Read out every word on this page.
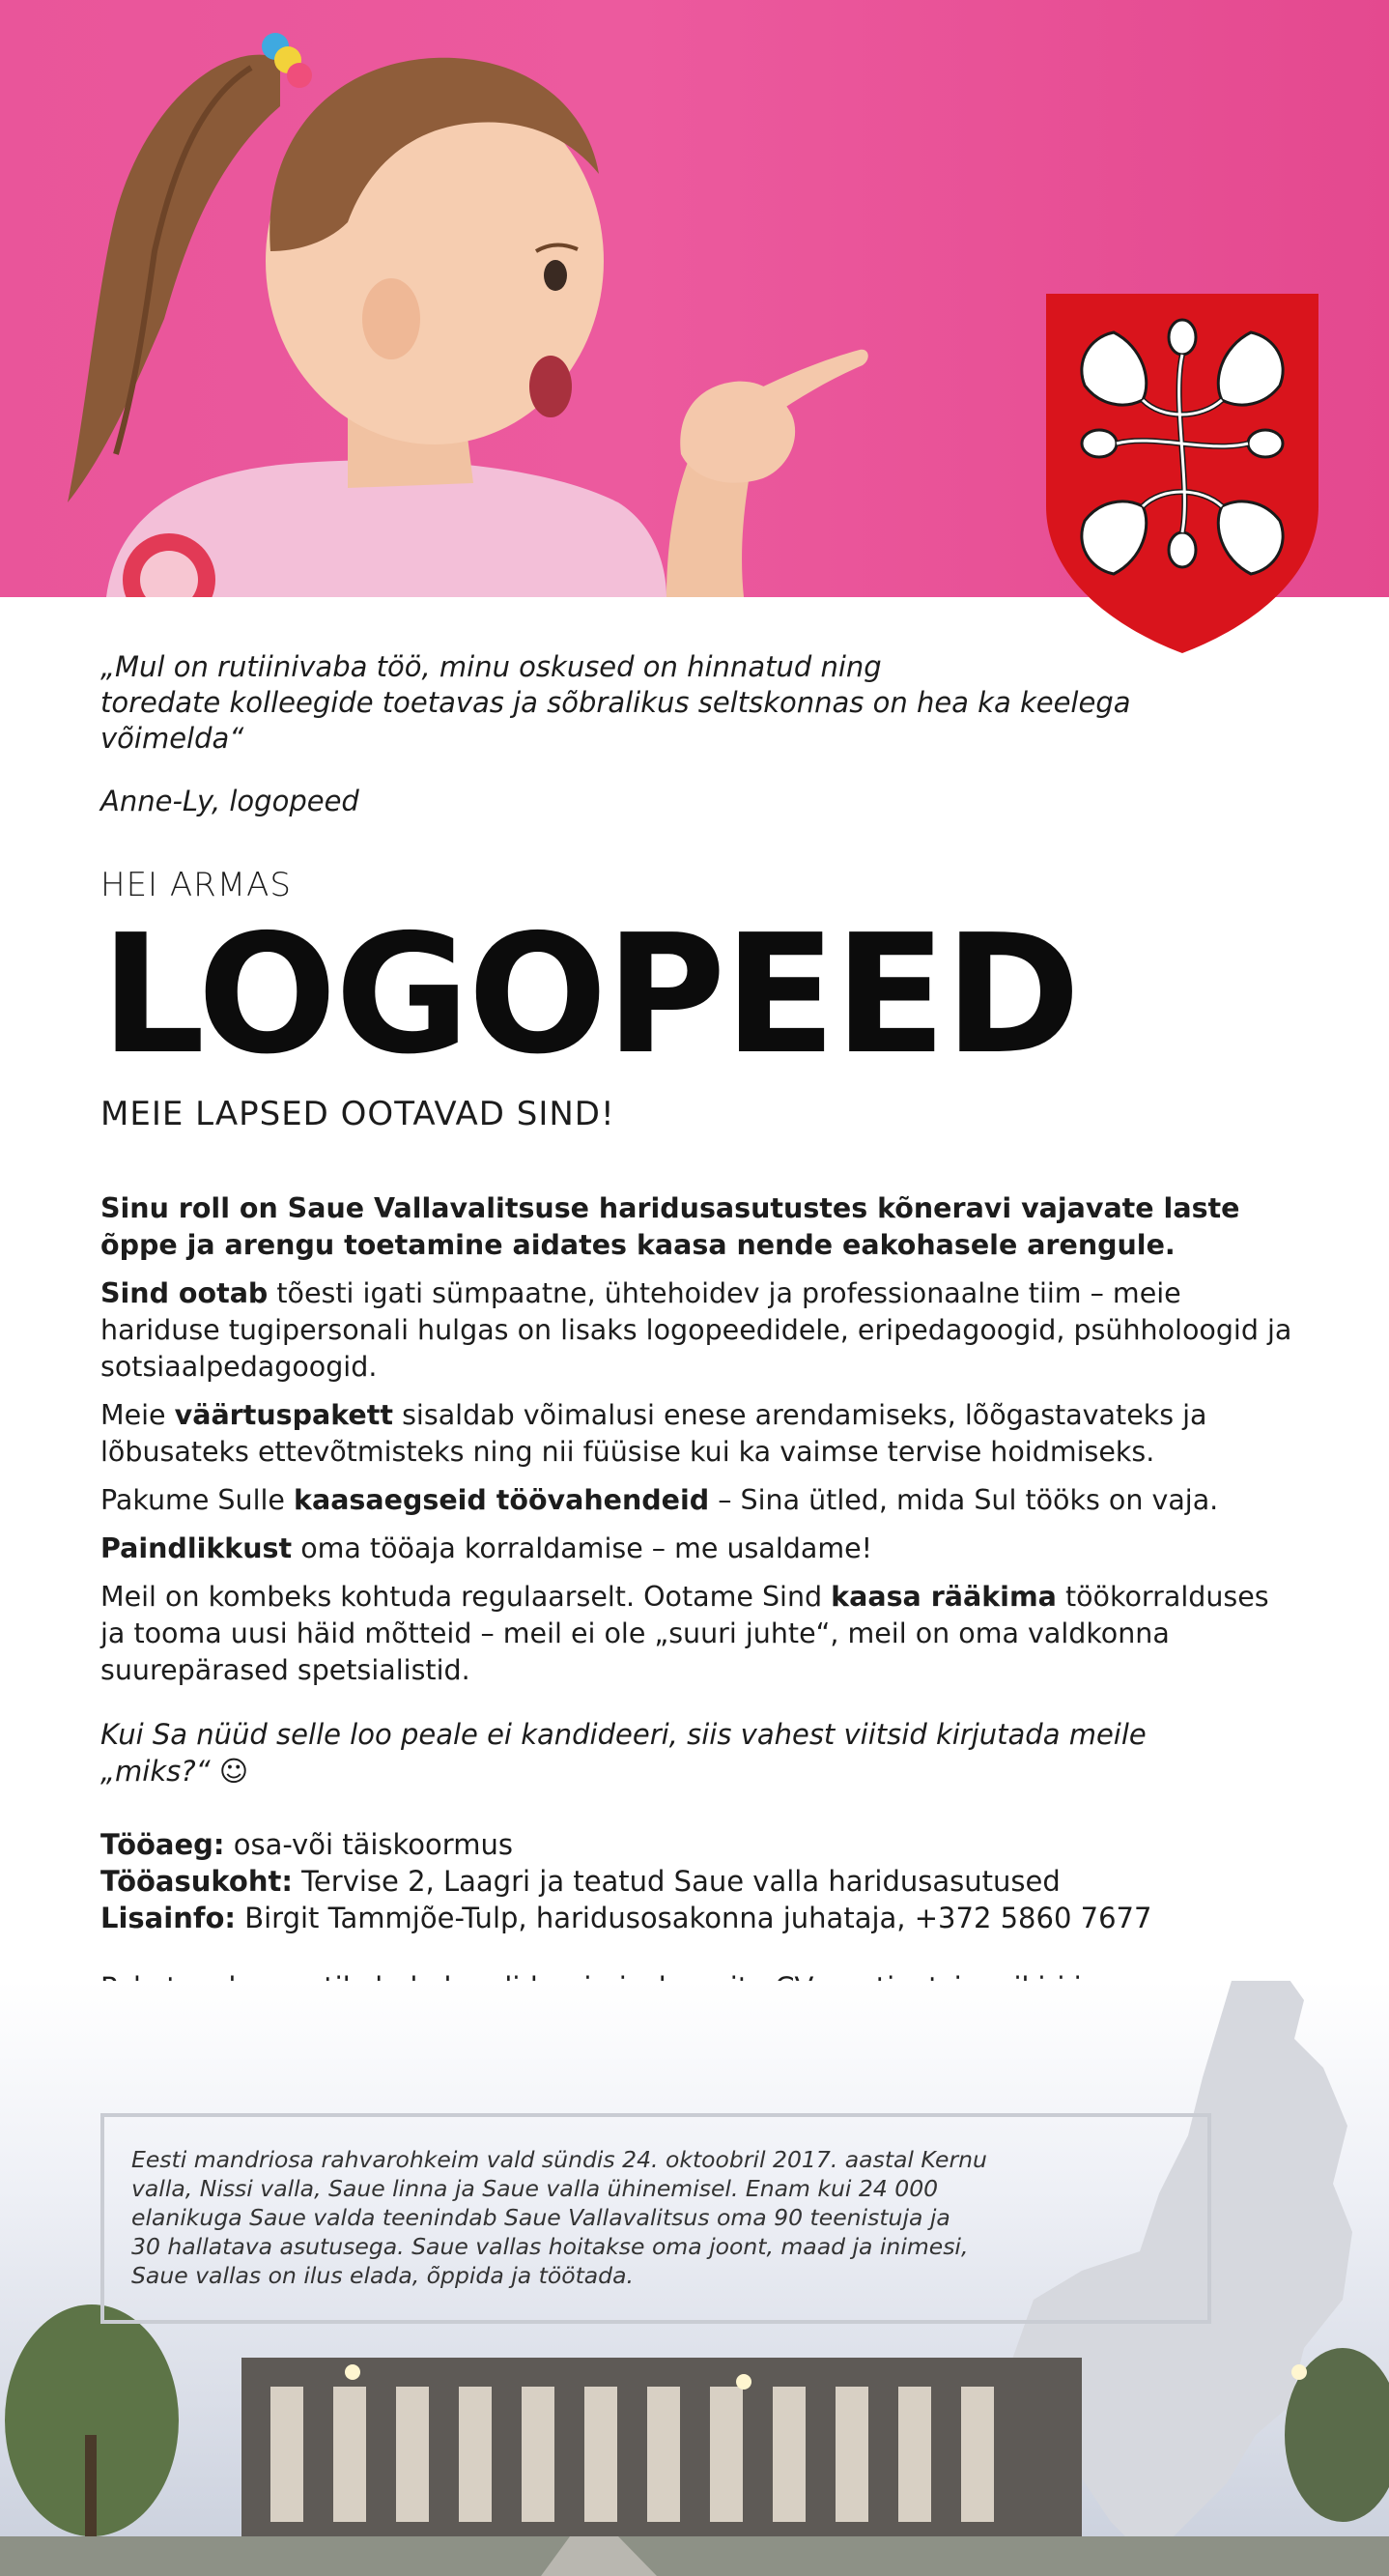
„Mul on rutiinivaba töö, minu oskused on hinnatud ning
toredate kolleegide toetavas ja sõbralikus seltskonnas on hea ka keelega
võimelda“
Anne-Ly, logopeed
HEI ARMAS
LOGOPEED
MEIE LAPSED OOTAVAD SIND!

Sinu roll on Saue Vallavalitsuse haridusasutustes kõneravi vajavate laste õppe ja arengu toetamine aidates kaasa nende eakohasele arengule.

Sind ootab tõesti igati sümpaatne, ühtehoidev ja professionaalne tiim – meie hariduse tugipersonali hulgas on lisaks logopeedidele, eripedagoogid, psühholoogid ja sotsiaalpedagoogid.

Meie väärtuspakett sisaldab võimalusi enese arendamiseks, lõõgastavateks ja lõbusateks ettevõtmisteks ning nii füüsise kui ka vaimse tervise hoidmiseks.

Pakume Sulle kaasaegseid töövahendeid – Sina ütled, mida Sul tööks on vaja.

Paindlikkust oma tööaja korraldamise – me usaldame!

Meil on kombeks kohtuda regulaarselt. Ootame Sind kaasa rääkima töökorralduses ja tooma uusi häid mõtteid – meil ei ole „suuri juhte“, meil on oma valdkonna suurepärased spetsialistid.

Kui Sa nüüd selle loo peale ei kandideeri, siis vahest viitsid kirjutada meile
„miks?“ ☺
Tööaeg: osa-või täiskoormus
Tööasukoht: Tervise 2, Laagri ja teatud Saue valla haridusasutused
Lisainfo: Birgit Tammjõe-Tulp, haridusosakonna juhataja, +372 5860 7677
Eesti mandriosa rahvarohkeim vald sündis 24. oktoobril 2017. aastal Kernu
valla, Nissi valla, Saue linna ja Saue valla ühinemisel. Enam kui 24 000
elanikuga Saue valda teenindab Saue Vallavalitsus oma 90 teenistuja ja
30 hallatava asutusega. Saue vallas hoitakse oma joont, maad ja inimesi,
Saue vallas on ilus elada, õppida ja töötada.
